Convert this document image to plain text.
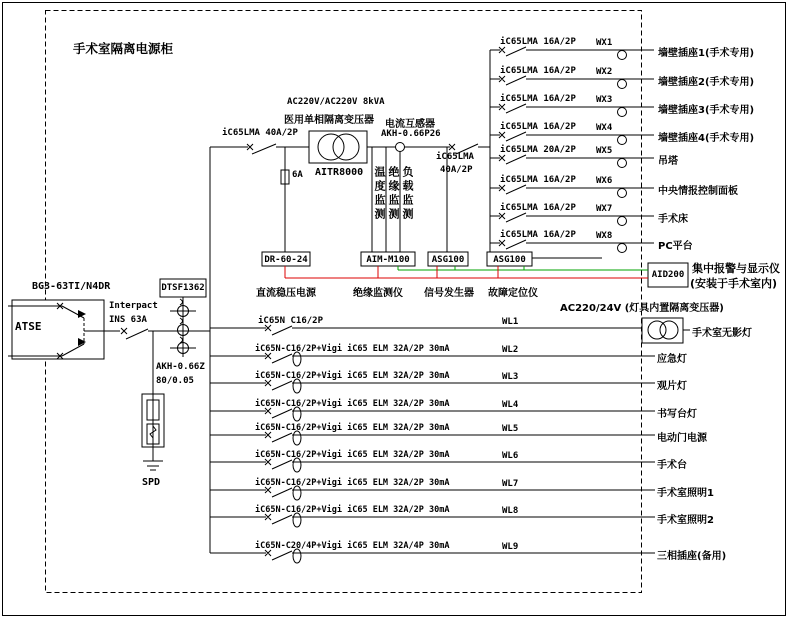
手术室隔离电源柜
BG3-63TI/N4DR
ATSE
Interpact
INS 63A
DTSF1362
AKH-0.66Z
80/0.05
SPD
iC65LMA 40A/2P
6A
AC220V/AC220V 8kVA
医用单相隔离变压器
AITR8000
电流互感器
AKH-0.66P26
温度监测 绝缘监测 负载监测
iC65LMA
40A/2P
DR-60-24	AIM-M100	ASG100	ASG100
直流稳压电源	绝缘监测仪 信号发生器 故障定位仪
AID200 集中报警与显示仪
(安装于手术室内)
iC65LMA 16A/2P WX1
墙壁插座1(手术专用)
iC65LMA 16A/2P WX2
墙壁插座2(手术专用)
iC65LMA 16A/2P WX3
墙壁插座3(手术专用)
iC65LMA 16A/2P WX4
墙壁插座4(手术专用)
iC65LMA 20A/2P WX5
吊塔
iC65LMA 16A/2P WX6
中央情报控制面板
iC65LMA 16A/2P WX7
手术床
iC65LMA 16A/2P WX8
PC平台
AC220/24V (灯具内置隔离变压器)
iC65N C16/2P	WL1
手术室无影灯
iC65N-C16/2P+Vigi iC65 ELM 32A/2P 30mA	WL2
应急灯
iC65N-C16/2P+Vigi iC65 ELM 32A/2P 30mA	WL3
观片灯
iC65N-C16/2P+Vigi iC65 ELM 32A/2P 30mA	WL4
书写台灯
iC65N-C16/2P+Vigi iC65 ELM 32A/2P 30mA	WL5
电动门电源
iC65N-C16/2P+Vigi iC65 ELM 32A/2P 30mA	WL6
手术台
iC65N-C16/2P+Vigi iC65 ELM 32A/2P 30mA	WL7
手术室照明1
iC65N-C16/2P+Vigi iC65 ELM 32A/2P 30mA	WL8
手术室照明2
iC65N-C20/4P+Vigi iC65 ELM 32A/4P 30mA	WL9
三相插座(备用)
